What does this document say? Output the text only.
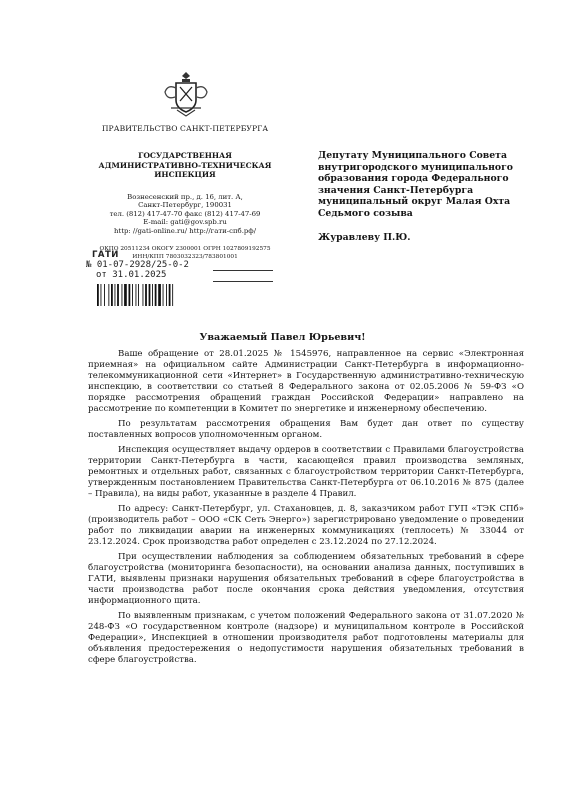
ПРАВИТЕЛЬСТВО САНКТ-ПЕТЕРБУРГА
ГОСУДАРСТВЕННАЯ
АДМИНИСТРАТИВНО-ТЕХНИЧЕСКАЯ
ИНСПЕКЦИЯ
Вознесенский пр., д. 16, лит. А,
Санкт-Петербург, 190031
тел. (812) 417-47-70 факс (812) 417-47-69
E-mail: gati@gov.spb.ru
http: //gati-online.ru/ http://гати-спб.рф/
ОКПО 20511234 ОКОГУ 2300001 ОГРН 1027809192575
ИНН/КПП 7803032323/783801001
ГАТИ
№ 01-07-2928/25-0-2
от 31.01.2025
Депутату Муниципального Совета
внутригородского муниципального
образования города Федерального
значения Санкт-Петербурга
муниципальный округ Малая Охта
Седьмого созыва
Журавлеву П.Ю.
Уважаемый Павел Юрьевич!

Ваше обращение от 28.01.2025 № 1545976, направленное на сервис «Электронная приемная» на официальном сайте Администрации Санкт-Петербурга в информационно-телекоммуникационной сети «Интернет» в Государственную административно-техническую инспекцию, в соответствии со статьей 8 Федерального закона от 02.05.2006 № 59-ФЗ «О порядке рассмотрения обращений граждан Российской Федерации» направлено на рассмотрение по компетенции в Комитет по энергетике и инженерному обеспечению.

По результатам рассмотрения обращения Вам будет дан ответ по существу поставленных вопросов уполномоченным органом.

Инспекция осуществляет выдачу ордеров в соответствии с Правилами благоустройства территории Санкт-Петербурга в части, касающейся правил производства земляных, ремонтных и отдельных работ, связанных с благоустройством территории Санкт-Петербурга, утвержденным постановлением Правительства Санкт-Петербурга от 06.10.2016 № 875 (далее – Правила), на виды работ, указанные в разделе 4 Правил.

По адресу: Санкт-Петербург, ул. Стахановцев, д. 8, заказчиком работ ГУП «ТЭК СПб» (производитель работ – ООО «СК Сеть Энерго») зарегистрировано уведомление о проведении работ по ликвидации аварии на инженерных коммуникациях (теплосеть) № 33044 от 23.12.2024. Срок производства работ определен с 23.12.2024 по 27.12.2024.

При осуществлении наблюдения за соблюдением обязательных требований в сфере благоустройства (мониторинга безопасности), на основании анализа данных, поступивших в ГАТИ, выявлены признаки нарушения обязательных требований в сфере благоустройства в части производства работ после окончания срока действия уведомления, отсутствия информационного щита.

По выявленным признакам, с учетом положений Федерального закона от 31.07.2020 № 248-ФЗ «О государственном контроле (надзоре) и муниципальном контроле в Российской Федерации», Инспекцией в отношении производителя работ подготовлены материалы для объявления предостережения о недопустимости нарушения обязательных требований в сфере благоустройства.
